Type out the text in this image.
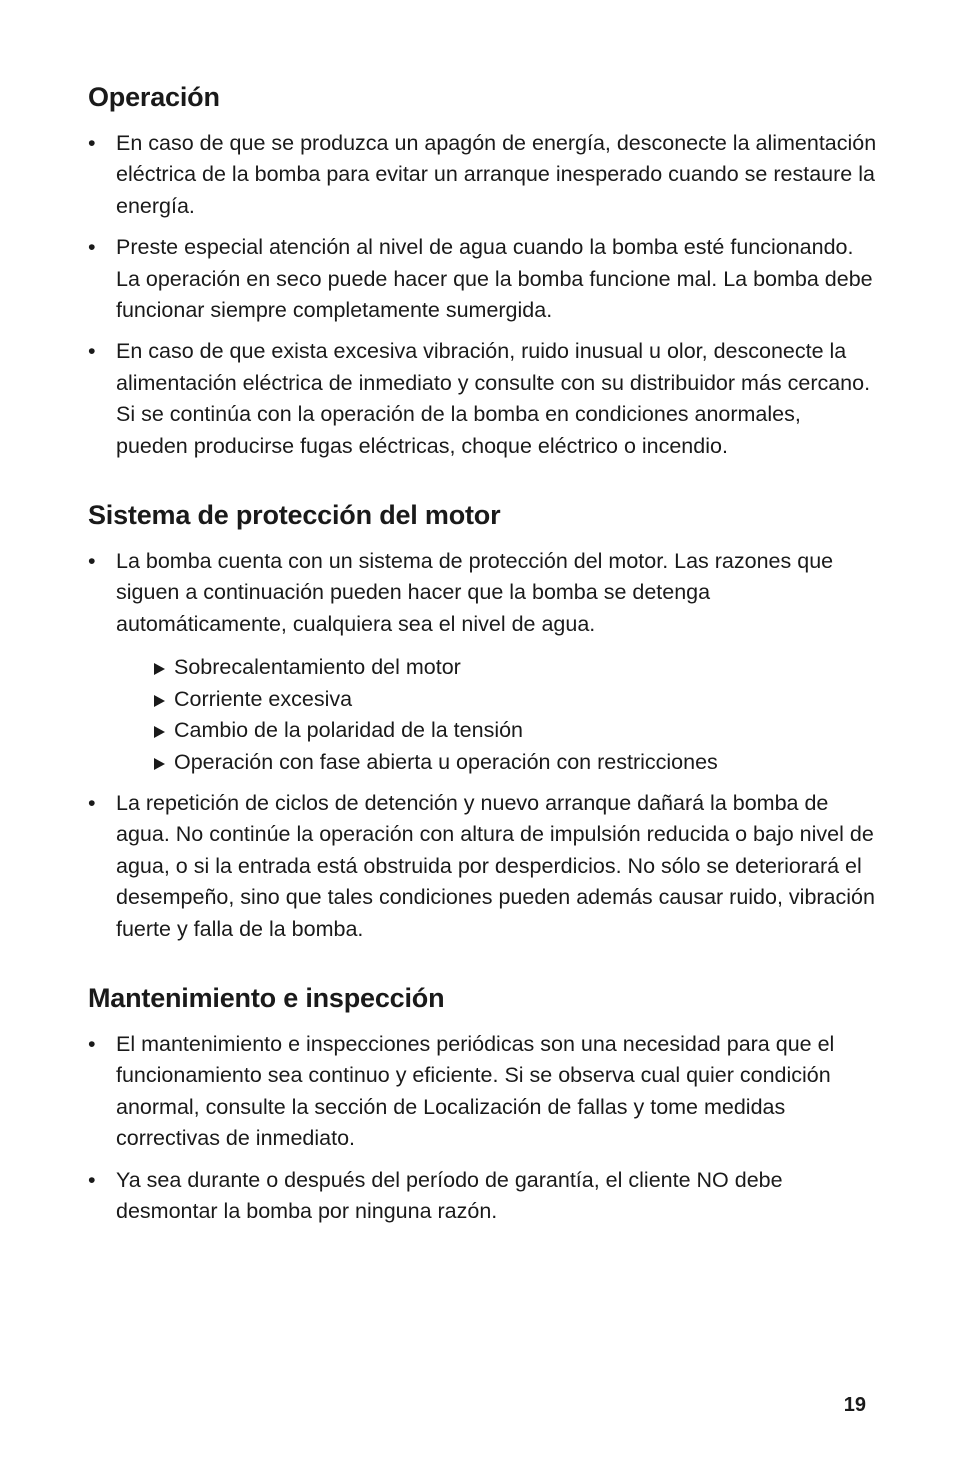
Operación
• En caso de que se produzca un apagón de energía, desconecte la alimentación eléctrica de la bomba para evitar un arranque inesperado cuando se restaure la energía.
• Preste especial atención al nivel de agua cuando la bomba esté funcionando. La operación en seco puede hacer que la bomba funcione mal. La bomba debe funcionar siempre completamente sumergida.
• En caso de que exista excesiva vibración, ruido inusual u olor, desconecte la alimentación eléctrica de inmediato y consulte con su distribuidor más cercano. Si se continúa con la operación de la bomba en condiciones anormales, pueden producirse fugas eléctricas, choque eléctrico o incendio.
Sistema de protección del motor
• La bomba cuenta con un sistema de protección del motor. Las razones que siguen a continuación pueden hacer que la bomba se detenga automáticamente, cualquiera sea el nivel de agua.
Sobrecalentamiento del motor
Corriente excesiva
Cambio de la polaridad de la tensión
Operación con fase abierta u operación con restricciones
• La repetición de ciclos de detención y nuevo arranque dañará la bomba de agua. No continúe la operación con altura de impulsión reducida o bajo nivel de agua, o si la entrada está obstruida por desperdicios. No sólo se deteriorará el desempeño, sino que tales condiciones pueden además causar ruido, vibración fuerte y falla de la bomba.
Mantenimiento e inspección
• El mantenimiento e inspecciones periódicas son una necesidad para que el funcionamiento sea continuo y eficiente. Si se observa cual quier condición anormal, consulte la sección de Localización de fallas y tome medidas correctivas de inmediato.
• Ya sea durante o después del período de garantía, el cliente NO debe desmontar la bomba por ninguna razón.
19
